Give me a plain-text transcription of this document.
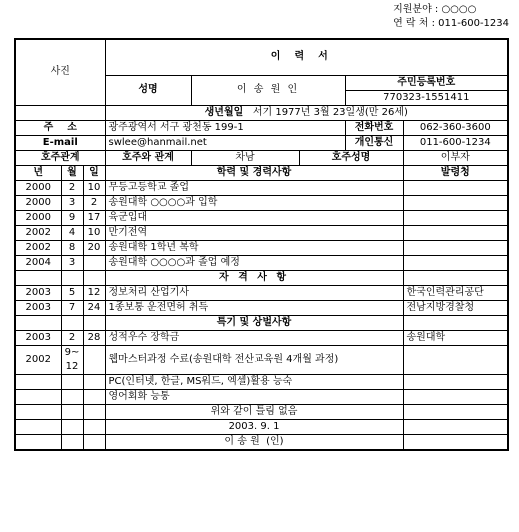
지원분야 : ○○○○
연 락 처 : 011-600-1234
사진			이력서				
			성명	이 송 원 인		주민등록번호	
						770323-1551411	
			생년월일 서기 1977년 3월 23일생(만 26세)				
주    소			광주광역서 서구 광천동 199-1			전화번호	062-360-3600
E-mail			swlee@hanmail.net			개인통신	011-600-1234
호주관계			호주와 관계	차남	호주성명		이부자
년	월	일	학력 및 경력사항				발령청
2000	2	10	무등고등학교 졸업				
2000	3	2	송원대학 ○○○○과 입학				
2000	9	17	육군입대				
2002	4	10	만기전역				
2002	8	20	송원대학 1학년 복학				
2004	3		송원대학 ○○○○과 졸업 예정				
			자 격 사 항				
2003	5	12	정보처리 산업기사				한국인력관리공단
2003	7	24	1종보통 운전면허 취득				전남지방경찰청
			특기 및 상벌사항				
2003	2	28	성적우수 장학금				송원대학
2002	9~ 12		웹마스터과정 수료(송원대학 전산교육원 4개월 과정)				
			PC(인터넷, 한글, MS워드, 엑셀)활용 능숙				
			영어회화 능통				
			위와 같이 틀림 없음				
			2003. 9. 1				
			이 송 원  (인)				
